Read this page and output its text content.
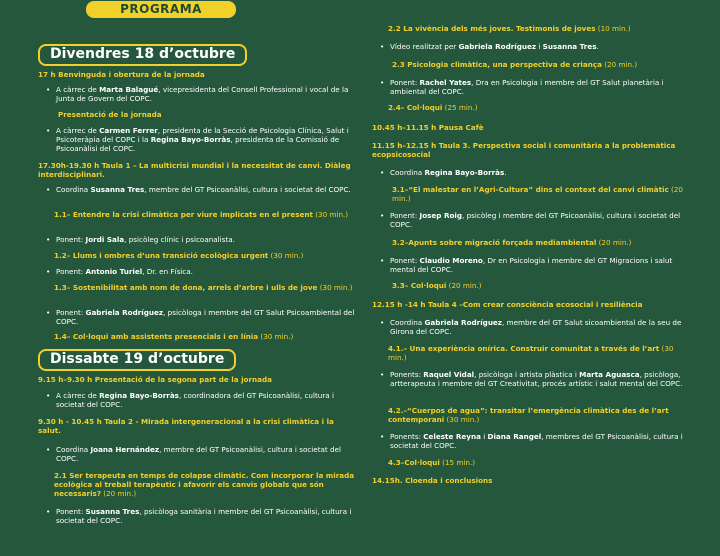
PROGRAMA
Divendres 18 d’octubre
17 h Benvinguda i obertura de la jornada
• A càrrec de Marta Balagué, vicepresidenta del Consell Professional i vocal de la Junta de Govern del COPC.
Presentació de la jornada
• A càrrec de Carmen Ferrer, presidenta de la Secció de Psicologia Clínica, Salut i Psicoteràpia del COPC i la Regina Bayo-Borràs, presidenta de la Comissió de Psicoanàlisi del COPC.
17.30h-19.30 h Taula 1 – La multicrisi mundial i la necessitat de canvi. Diàleg interdisciplinari.
• Coordina Susanna Tres, membre del GT Psicoanàlisi, cultura i societat del COPC.
1.1– Entendre la crisi climàtica per viure implicats en el present (30 min.)
• Ponent: Jordi Sala, psicòleg clínic i psicoanalista.
1.2– Llums i ombres d’una transició ecològica urgent (30 min.)
• Ponent: Antonio Turiel, Dr. en Física.
1.3– Sostenibilitat amb nom de dona, arrels d’arbre i ulls de jove (30 min.)
• Ponent: Gabriela Rodríguez, psicòloga i membre del GT Salut Psicoambiental del COPC.
1.4– Col·loqui amb assistents presencials i en línia (30 min.)
Dissabte 19 d’octubre
9.15 h–9.30 h Presentació de la segona part de la jornada
• A càrrec de Regina Bayo-Borràs, coordinadora del GT Psicoanàlisi, cultura i societat del COPC.
9.30 h - 10.45 h Taula 2 - Mirada intergeneracional a la crisi climàtica i la salut.
• Coordina Joana Hernández, membre del GT Psicoanàlisi, cultura i societat del COPC.
2.1 Ser terapeuta en temps de colapse climàtic. Com incorporar la mirada ecològica al treball terapèutic i afavorir els canvis globals que són necessaris? (20 min.)
• Ponent: Susanna Tres, psicòloga sanitària i membre del GT Psicoanàlisi, cultura i societat del COPC.
2.2 La vivència dels més joves. Testimonis de joves (10 min.)
• Vídeo realitzat per Gabriela Rodríguez i Susanna Tres.
2.3 Psicologia climàtica, una perspectiva de criança (20 min.)
• Ponent: Rachel Yates, Dra en Psicologia i membre del GT Salut planetària i ambiental del COPC.
2.4– Col·loqui (25 min.)
10.45 h–11.15 h Pausa Cafè
11.15 h–12.15 h Taula 3. Perspectiva social i comunitària a la problemàtica ecopsicosocial
• Coordina Regina Bayo-Borràs.
3.1–“El malestar en l’Agri-Cultura” dins el context del canvi climàtic (20 min.)
• Ponent: Josep Roig, psicòleg i membre del GT Psicoanàlisi, cultura i societat del COPC.
3.2–Apunts sobre migració forçada mediambiental (20 min.)
• Ponent: Claudio Moreno, Dr en Psicologia i membre del GT Migracions i salut mental del COPC.
3.3– Col·loqui (20 min.)
12.15 h -14 h Taula 4 –Com crear consciència ecosocial i resiliència
• Coordina Gabriela Rodríguez, membre del GT Salut sicoambiental de la seu de Girona del COPC.
4.1.– Una experiència onírica. Construir comunitat a través de l’art (30 min.)
• Ponents: Raquel Vidal, psicòloga i artista plàstica i Marta Aguasca, psicòloga, artterapeuta i membre del GT Creativitat, procés artístic i salut mental del COPC.
4.2.–“Cuerpos de agua”: transitar l’emergència climàtica des de l’art contemporani (30 min.)
• Ponents: Celeste Reyna i Diana Rangel, membres del GT Psicoanàlisi, cultura i societat del COPC.
4.3–Col·loqui (15 min.)
14.15h. Cloenda i conclusions
